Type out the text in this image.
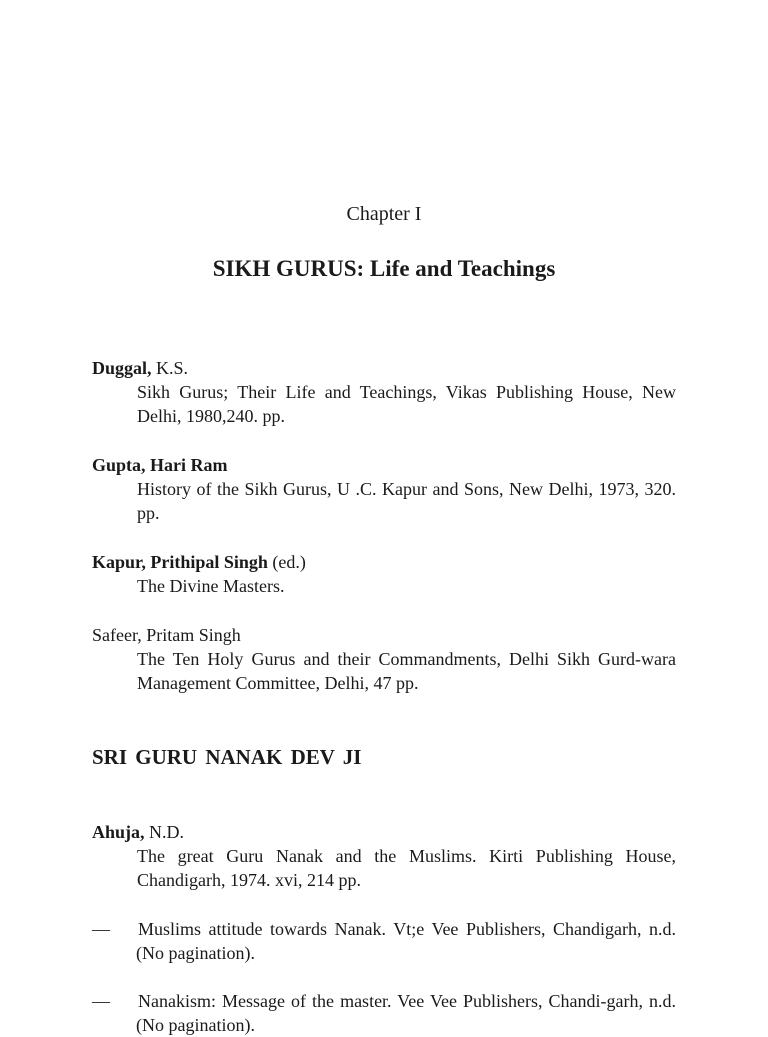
Chapter I
SIKH GURUS: Life and Teachings
Duggal, K.S.
Sikh Gurus; Their Life and Teachings, Vikas Publishing House, New Delhi, 1980,240. pp.
Gupta, Hari Ram
History of the Sikh Gurus, U .C. Kapur and Sons, New Delhi, 1973, 320. pp.
Kapur, Prithipal Singh (ed.)
The Divine Masters.
Safeer, Pritam Singh
The Ten Holy Gurus and their Commandments, Delhi Sikh Gurd-wara Management Committee, Delhi, 47 pp.
SRI GURU NANAK DEV JI
Ahuja, N.D.
The great Guru Nanak and the Muslims. Kirti Publishing House, Chandigarh, 1974. xvi, 214 pp.
—	Muslims attitude towards Nanak. Vt;e Vee Publishers, Chandigarh, n.d. (No pagination).
—	Nanakism: Message of the master. Vee Vee Publishers, Chandi-garh, n.d. (No pagination).
